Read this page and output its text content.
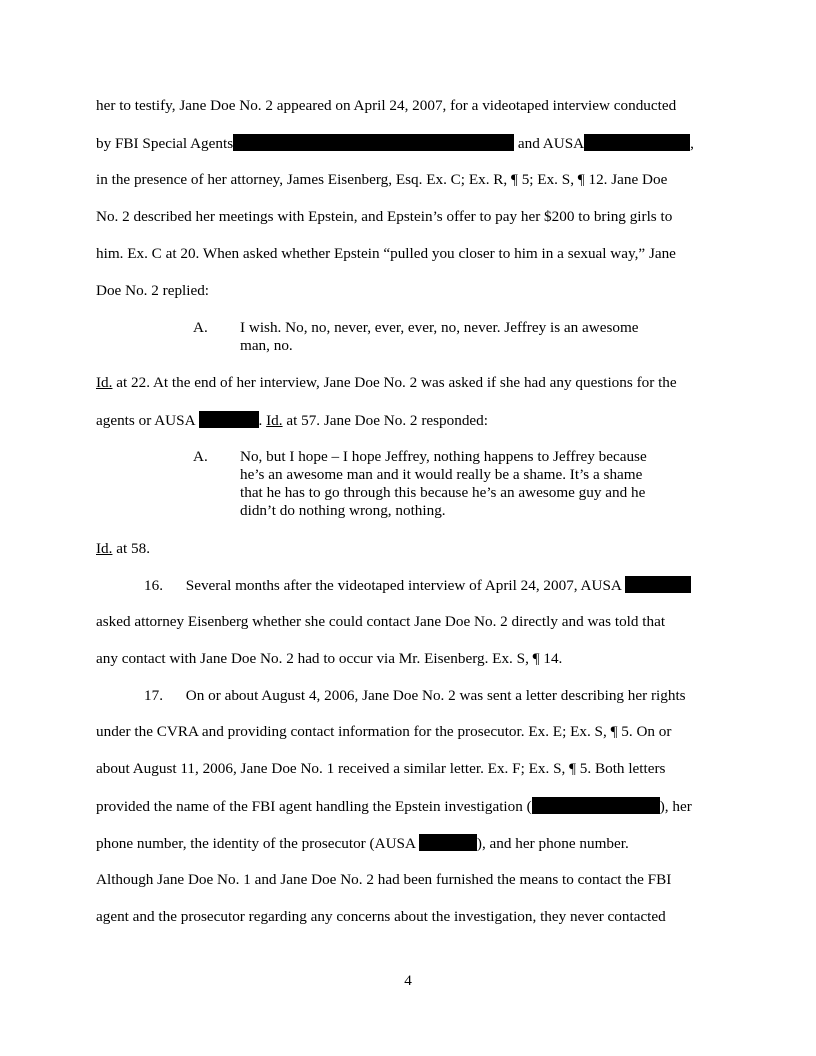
her to testify, Jane Doe No. 2 appeared on April 24, 2007, for a videotaped interview conducted
by FBI Special Agents	and AUSA	,
in the presence of her attorney, James Eisenberg, Esq. Ex. C; Ex. R, ¶ 5; Ex. S, ¶ 12. Jane Doe
No. 2 described her meetings with Epstein, and Epstein’s offer to pay her $200 to bring girls to
him. Ex. C at 20. When asked whether Epstein “pulled you closer to him in a sexual way,” Jane
Doe No. 2 replied:
A. I wish. No, no, never, ever, ever, no, never. Jeffrey is an awesome
man, no.
Id. at 22. At the end of her interview, Jane Doe No. 2 was asked if she had any questions for the
agents or AUSA	. Id. at 57. Jane Doe No. 2 responded:
A. No, but I hope – I hope Jeffrey, nothing happens to Jeffrey because
he’s an awesome man and it would really be a shame. It’s a shame
that he has to go through this because he’s an awesome guy and he
didn’t do nothing wrong, nothing.
Id. at 58.
16.      Several months after the videotaped interview of April 24, 2007, AUSA
asked attorney Eisenberg whether she could contact Jane Doe No. 2 directly and was told that
any contact with Jane Doe No. 2 had to occur via Mr. Eisenberg. Ex. S, ¶ 14.
17.      On or about August 4, 2006, Jane Doe No. 2 was sent a letter describing her rights
under the CVRA and providing contact information for the prosecutor. Ex. E; Ex. S, ¶ 5. On or
about August 11, 2006, Jane Doe No. 1 received a similar letter. Ex. F; Ex. S, ¶ 5. Both letters
provided the name of the FBI agent handling the Epstein investigation (	), her
phone number, the identity of the prosecutor (AUSA	), and her phone number.
Although Jane Doe No. 1 and Jane Doe No. 2 had been furnished the means to contact the FBI
agent and the prosecutor regarding any concerns about the investigation, they never contacted
4
